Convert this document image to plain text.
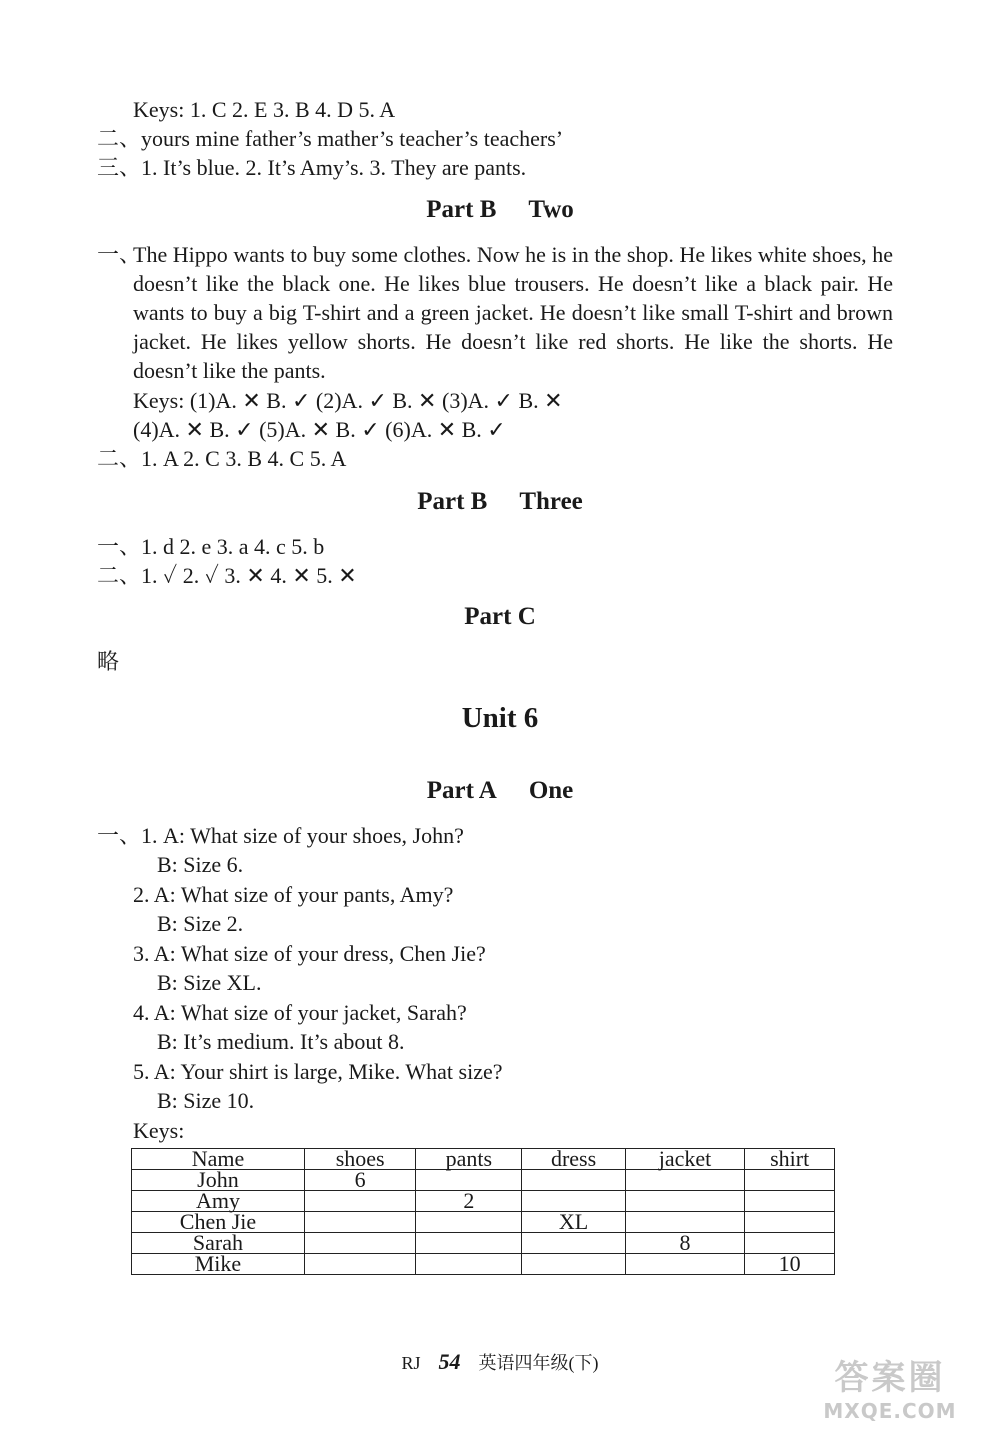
Keys: 1. C 2. E 3. B 4. D 5. A
二、yours mine father’s mather’s teacher’s teachers’
三、1. It’s blue. 2. It’s Amy’s. 3. They are pants.
Part B Two
一、
The Hippo wants to buy some clothes. Now he is in the shop. He likes white shoes, he doesn’t like the black one. He likes blue trousers. He doesn’t like a black pair. He wants to buy a big T-shirt and a green jacket. He doesn’t like small T-shirt and brown jacket. He likes yellow shorts. He doesn’t like red shorts. He like the shorts. He doesn’t like the pants.
Keys: (1)A. ✕ B. ✓ (2)A. ✓ B. ✕ (3)A. ✓ B. ✕
(4)A. ✕ B. ✓ (5)A. ✕ B. ✓ (6)A. ✕ B. ✓
二、1. A 2. C 3. B 4. C 5. A
Part B Three
一、1. d 2. e 3. a 4. c 5. b
二、1. ✓ 2. ✓ 3. ✕ 4. ✕ 5. ✕
Part C
略
Unit 6
Part A One
一、1. A: What size of your shoes, John?
B: Size 6.
2. A: What size of your pants, Amy?
B: Size 2.
3. A: What size of your dress, Chen Jie?
B: Size XL.
4. A: What size of your jacket, Sarah?
B: It’s medium. It’s about 8.
5. A: Your shirt is large, Mike. What size?
B: Size 10.
Keys:
Name	shoes	pants	dress	jacket	shirt
John	6				
Amy		2			
Chen Jie			XL		
Sarah				8	
Mike					10
RJ 54 英语四年级(下)	答案圈
MXQE.COM
